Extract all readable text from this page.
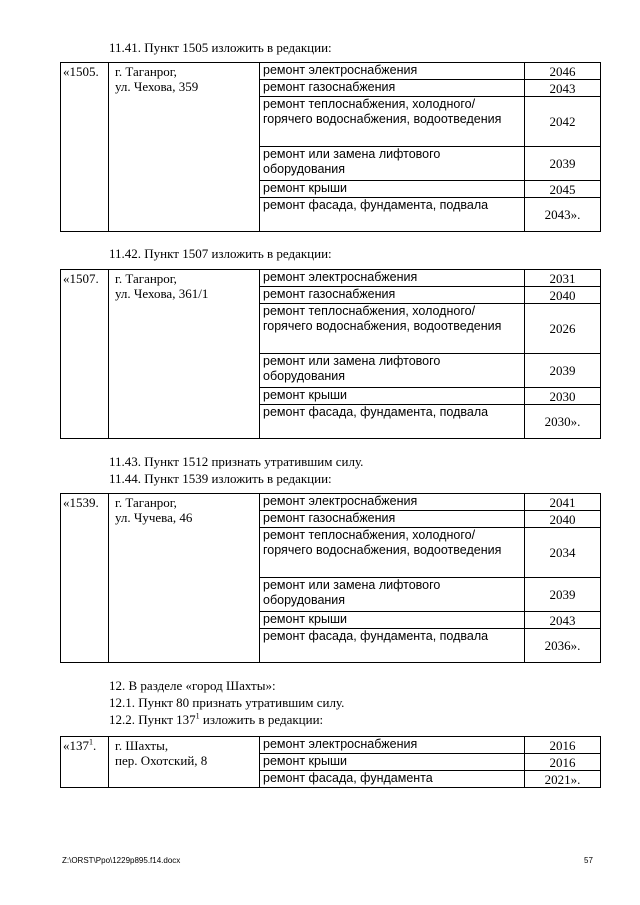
11.41. Пункт 1505 изложить в редакции:
«1505.	г. Таганрог,
ул. Чехова, 359	ремонт электроснабжения	2046
		ремонт газоснабжения	2043
		ремонт теплоснабжения, холодного/горячего водоснабжения, водоотведения	2042
		ремонт или замена лифтового оборудования	2039
		ремонт крыши	2045
		ремонт фасада, фундамента, подвала	2043».
11.42. Пункт 1507 изложить в редакции:
«1507.	г. Таганрог,
ул. Чехова, 361/1	ремонт электроснабжения	2031
		ремонт газоснабжения	2040
		ремонт теплоснабжения, холодного/горячего водоснабжения, водоотведения	2026
		ремонт или замена лифтового оборудования	2039
		ремонт крыши	2030
		ремонт фасада, фундамента, подвала	2030».
11.43. Пункт 1512 признать утратившим силу.
11.44. Пункт 1539 изложить в редакции:
«1539.	г. Таганрог,
ул. Чучева, 46	ремонт электроснабжения	2041
		ремонт газоснабжения	2040
		ремонт теплоснабжения, холодного/горячего водоснабжения, водоотведения	2034
		ремонт или замена лифтового оборудования	2039
		ремонт крыши	2043
		ремонт фасада, фундамента, подвала	2036».
12. В разделе «город Шахты»:
12.1. Пункт 80 признать утратившим силу.
12.2. Пункт $137^1$ изложить в редакции:
«$137^1$.	г. Шахты,
пер. Охотский, 8	ремонт электроснабжения	2016
		ремонт крыши	2016
		ремонт фасада, фундамента	2021».
Z:\ORST\Ppo\1229p895.f14.docx	57
